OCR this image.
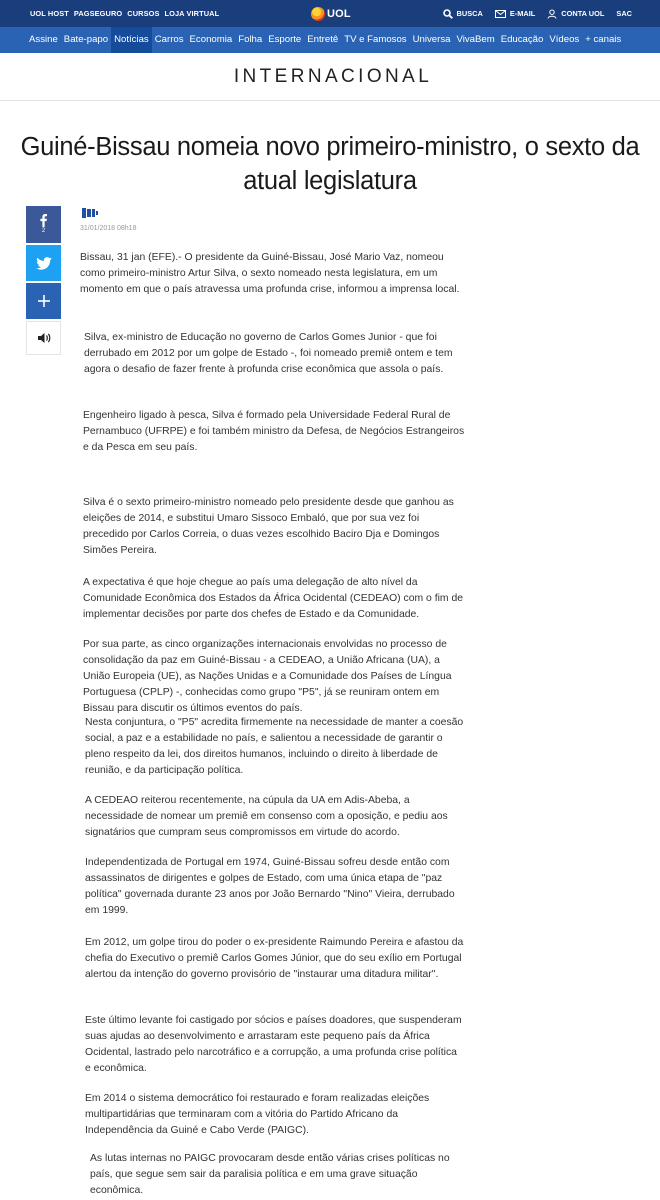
UOL HOST PAGSEGURO CURSOS LOJA VIRTUAL	UOL	BUSCA	E-MAIL	CONTA UOL SAC
Assine Bate-papo Notícias Carros Economia Folha Esporte Entretê TV e Famosos Universa VivaBem Educação Vídeos + canais
INTERNACIONAL
Guiné-Bissau nomeia novo primeiro-ministro, o sexto da atual legislatura
2	31/01/2018 08h18

Bissau, 31 jan (EFE).- O presidente da Guiné-Bissau, José Mario Vaz, nomeou como primeiro-ministro Artur Silva, o sexto nomeado nesta legislatura, em um momento em que o país atravessa uma profunda crise, informou a imprensa local.

Silva, ex-ministro de Educação no governo de Carlos Gomes Junior - que foi derrubado em 2012 por um golpe de Estado -, foi nomeado premiê ontem e tem agora o desafio de fazer frente à profunda crise econômica que assola o país.

Engenheiro ligado à pesca, Silva é formado pela Universidade Federal Rural de Pernambuco (UFRPE) e foi também ministro da Defesa, de Negócios Estrangeiros e da Pesca em seu país.

Silva é o sexto primeiro-ministro nomeado pelo presidente desde que ganhou as eleições de 2014, e substitui Umaro Sissoco Embaló, que por sua vez foi precedido por Carlos Correia, o duas vezes escolhido Baciro Dja e Domingos Simões Pereira.

A expectativa é que hoje chegue ao país uma delegação de alto nível da Comunidade Econômica dos Estados da África Ocidental (CEDEAO) com o fim de implementar decisões por parte dos chefes de Estado e da Comunidade.

Por sua parte, as cinco organizações internacionais envolvidas no processo de consolidação da paz em Guiné-Bissau - a CEDEAO, a União Africana (UA), a União Europeia (UE), as Nações Unidas e a Comunidade dos Países de Língua Portuguesa (CPLP) -, conhecidas como grupo "P5", já se reuniram ontem em Bissau para discutir os últimos eventos do país.

Nesta conjuntura, o "P5" acredita firmemente na necessidade de manter a coesão social, a paz e a estabilidade no país, e salientou a necessidade de garantir o pleno respeito da lei, dos direitos humanos, incluindo o direito à liberdade de reunião, e da participação política.

A CEDEAO reiterou recentemente, na cúpula da UA em Adis-Abeba, a necessidade de nomear um premiê em consenso com a oposição, e pediu aos signatários que cumpram seus compromissos em virtude do acordo.

Independentizada de Portugal em 1974, Guiné-Bissau sofreu desde então com assassinatos de dirigentes e golpes de Estado, com uma única etapa de "paz política" governada durante 23 anos por João Bernardo "Nino" Vieira, derrubado em 1999.

Em 2012, um golpe tirou do poder o ex-presidente Raimundo Pereira e afastou da chefia do Executivo o premiê Carlos Gomes Júnior, que do seu exílio em Portugal alertou da intenção do governo provisório de "instaurar uma ditadura militar".

Este último levante foi castigado por sócios e países doadores, que suspenderam suas ajudas ao desenvolvimento e arrastaram este pequeno país da África Ocidental, lastrado pelo narcotráfico e a corrupção, a uma profunda crise política e econômica.

Em 2014 o sistema democrático foi restaurado e foram realizadas eleições multipartidárias que terminaram com a vitória do Partido Africano da Independência da Guiné e Cabo Verde (PAIGC).

As lutas internas no PAIGC provocaram desde então várias crises políticas no país, que segue sem sair da paralisia política e em uma grave situação econômica.
